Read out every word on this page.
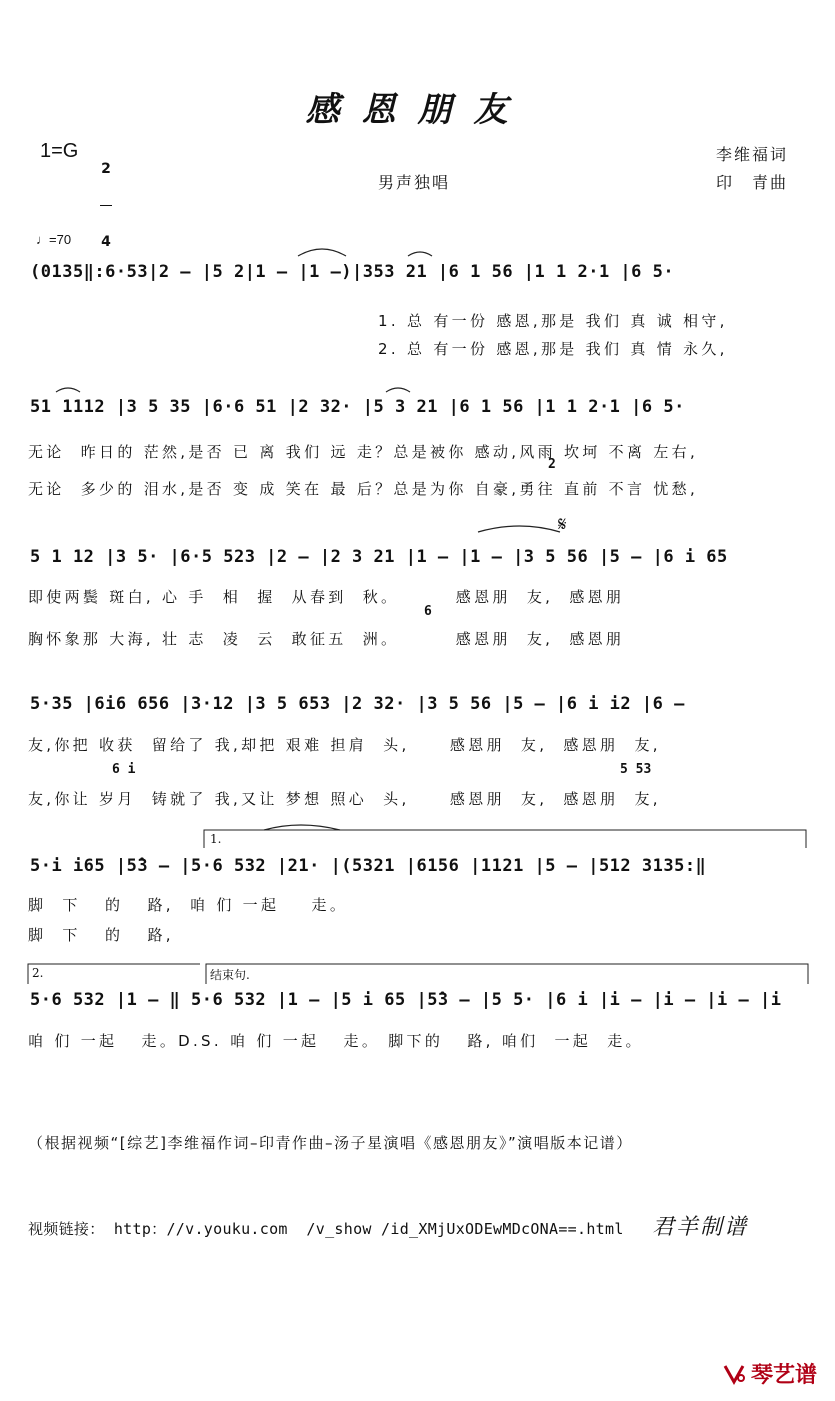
感恩朋友
1=G

2

4

李维福词
印　青曲
男声独唱
♩=70
(0135‖:6·53|2 – |5 2|1 – |1 –)|353 21 |6 1 56 |1 1 2·1 |6 5·
1. 总 有一份 感恩,那是 我们 真 诚 相守,
2. 总 有一份 感恩,那是 我们 真 情 永久,
51 1112 |3 5 35 |6·6 51 |2 32· |5 3 21 |6 1 56 |1 1 2·1 |6 5·
无论  昨日的 茫然,是否 已 离 我们 远 走？总是被你 感动,风雨 坎坷 不离 左右,
2
无论  多少的 泪水,是否 变 成 笑在 最 后？总是为你 自豪,勇往 直前 不言 忧愁,
𝄋
5 1 12 |3 5· |6·5 523 |2 – |2 3 21 |1 – |1 – |3 5 56 |5 – |6 i 65
即使两鬓 斑白, 心 手  相  握  从春到  秋。       感恩朋  友,  感恩朋
6
胸怀象那 大海, 壮 志  凌  云  敢征五  洲。       感恩朋  友,  感恩朋
5·35 |6i6 656 |3·12 |3 5 653 |2 32· |3 5 56 |5 – |6 i i2 |6 –
友,你把 收获  留给了 我,却把 艰难 担肩  头,     感恩朋  友,  感恩朋  友,
6 i	5 53
友,你让 岁月  铸就了 我,又让 梦想 照心  头,     感恩朋  友,  感恩朋  友,
1.
5·i i65 |5̂3 – |5·6 532 |21· |(5321 |6156 |1121 |5 – |512 3135:‖
脚  下   的   路,  咱 们 一起    走。
脚  下   的   路,
2.	结束句.
5·6 532 |1 – ‖ 5·6 532 |1 – |5 i 65 |5̂3 – |5 5· |6 i |i – |i – |i – |i
咱 们 一起   走。D.S. 咱 们 一起   走。 脚下的   路, 咱们  一起  走。
（根据视频“[综艺]李维福作词–印青作曲–汤子星演唱《感恩朋友》”演唱版本记谱）
视频链接： http：//v.youku.com  /v_show /id_XMjUxODEwMDcONA==.html 君羊制谱
琴艺谱
